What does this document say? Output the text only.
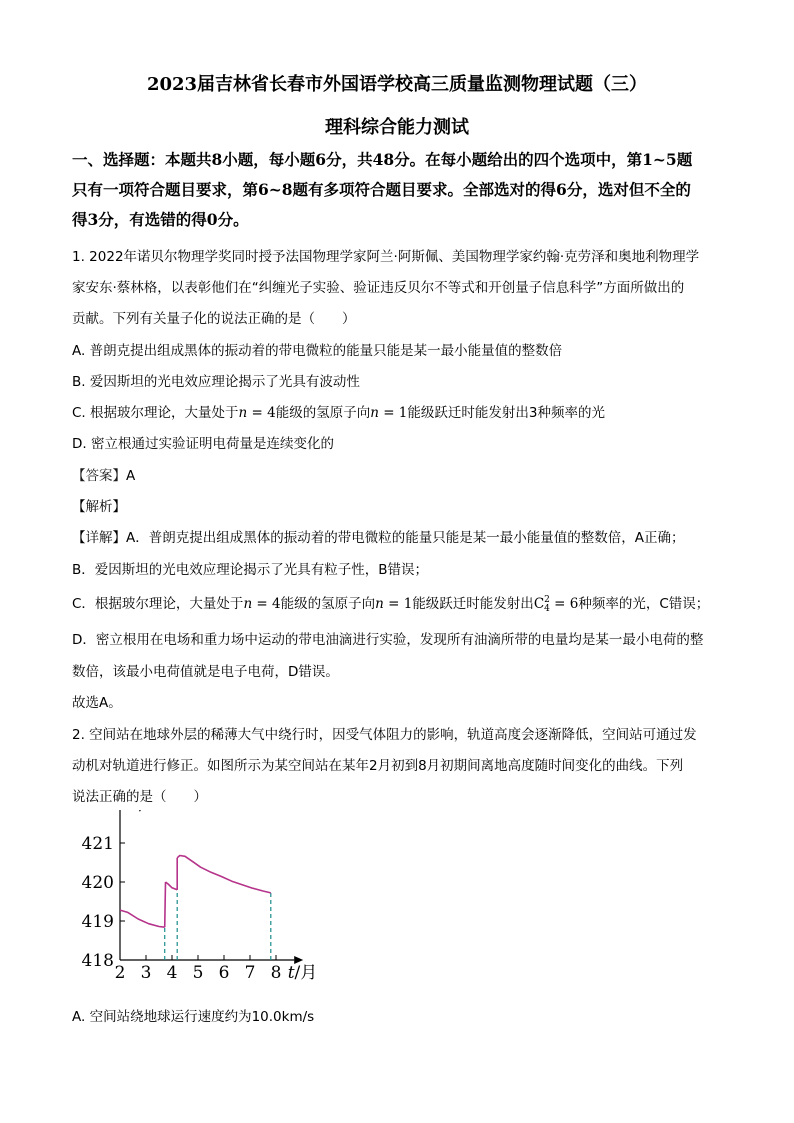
2023届吉林省长春市外国语学校高三质量监测物理试题（三）
理科综合能力测试
一、选择题：本题共8小题，每小题6分，共48分。在每小题给出的四个选项中，第1~5题
只有一项符合题目要求，第6~8题有多项符合题目要求。全部选对的得6分，选对但不全的
得3分，有选错的得0分。
1. 2022年诺贝尔物理学奖同时授予法国物理学家阿兰·阿斯佩、美国物理学家约翰·克劳泽和奥地利物理学
家安东·蔡林格，以表彰他们在“纠缠光子实验、验证违反贝尔不等式和开创量子信息科学”方面所做出的
贡献。下列有关量子化的说法正确的是（　　）
A. 普朗克提出组成黑体的振动着的带电微粒的能量只能是某一最小能量值的整数倍
B. 爱因斯坦的光电效应理论揭示了光具有波动性
C. 根据玻尔理论，大量处于n = 4能级的氢原子向n = 1能级跃迁时能发射出3种频率的光
D. 密立根通过实验证明电荷量是连续变化的
【答案】A
【解析】
【详解】A．普朗克提出组成黑体的振动着的带电微粒的能量只能是某一最小能量值的整数倍，A正确；
B．爱因斯坦的光电效应理论揭示了光具有粒子性，B错误；
C．根据玻尔理论，大量处于n = 4能级的氢原子向n = 1能级跃迁时能发射出C 2
4 = 6种频率的光，C错误；
D．密立根用在电场和重力场中运动的带电油滴进行实验，发现所有油滴所带的电量均是某一最小电荷的整
数倍，该最小电荷值就是电子电荷，D错误。
故选A。
2. 空间站在地球外层的稀薄大气中绕行时，因受气体阻力的影响，轨道高度会逐渐降低，空间站可通过发
动机对轨道进行修正。如图所示为某空间站在某年2月初到8月初期间离地高度随时间变化的曲线。下列
说法正确的是（　　）
418
419
420
421
2 3 4 5 6 7 8 t/月
A. 空间站绕地球运行速度约为10.0km/s
